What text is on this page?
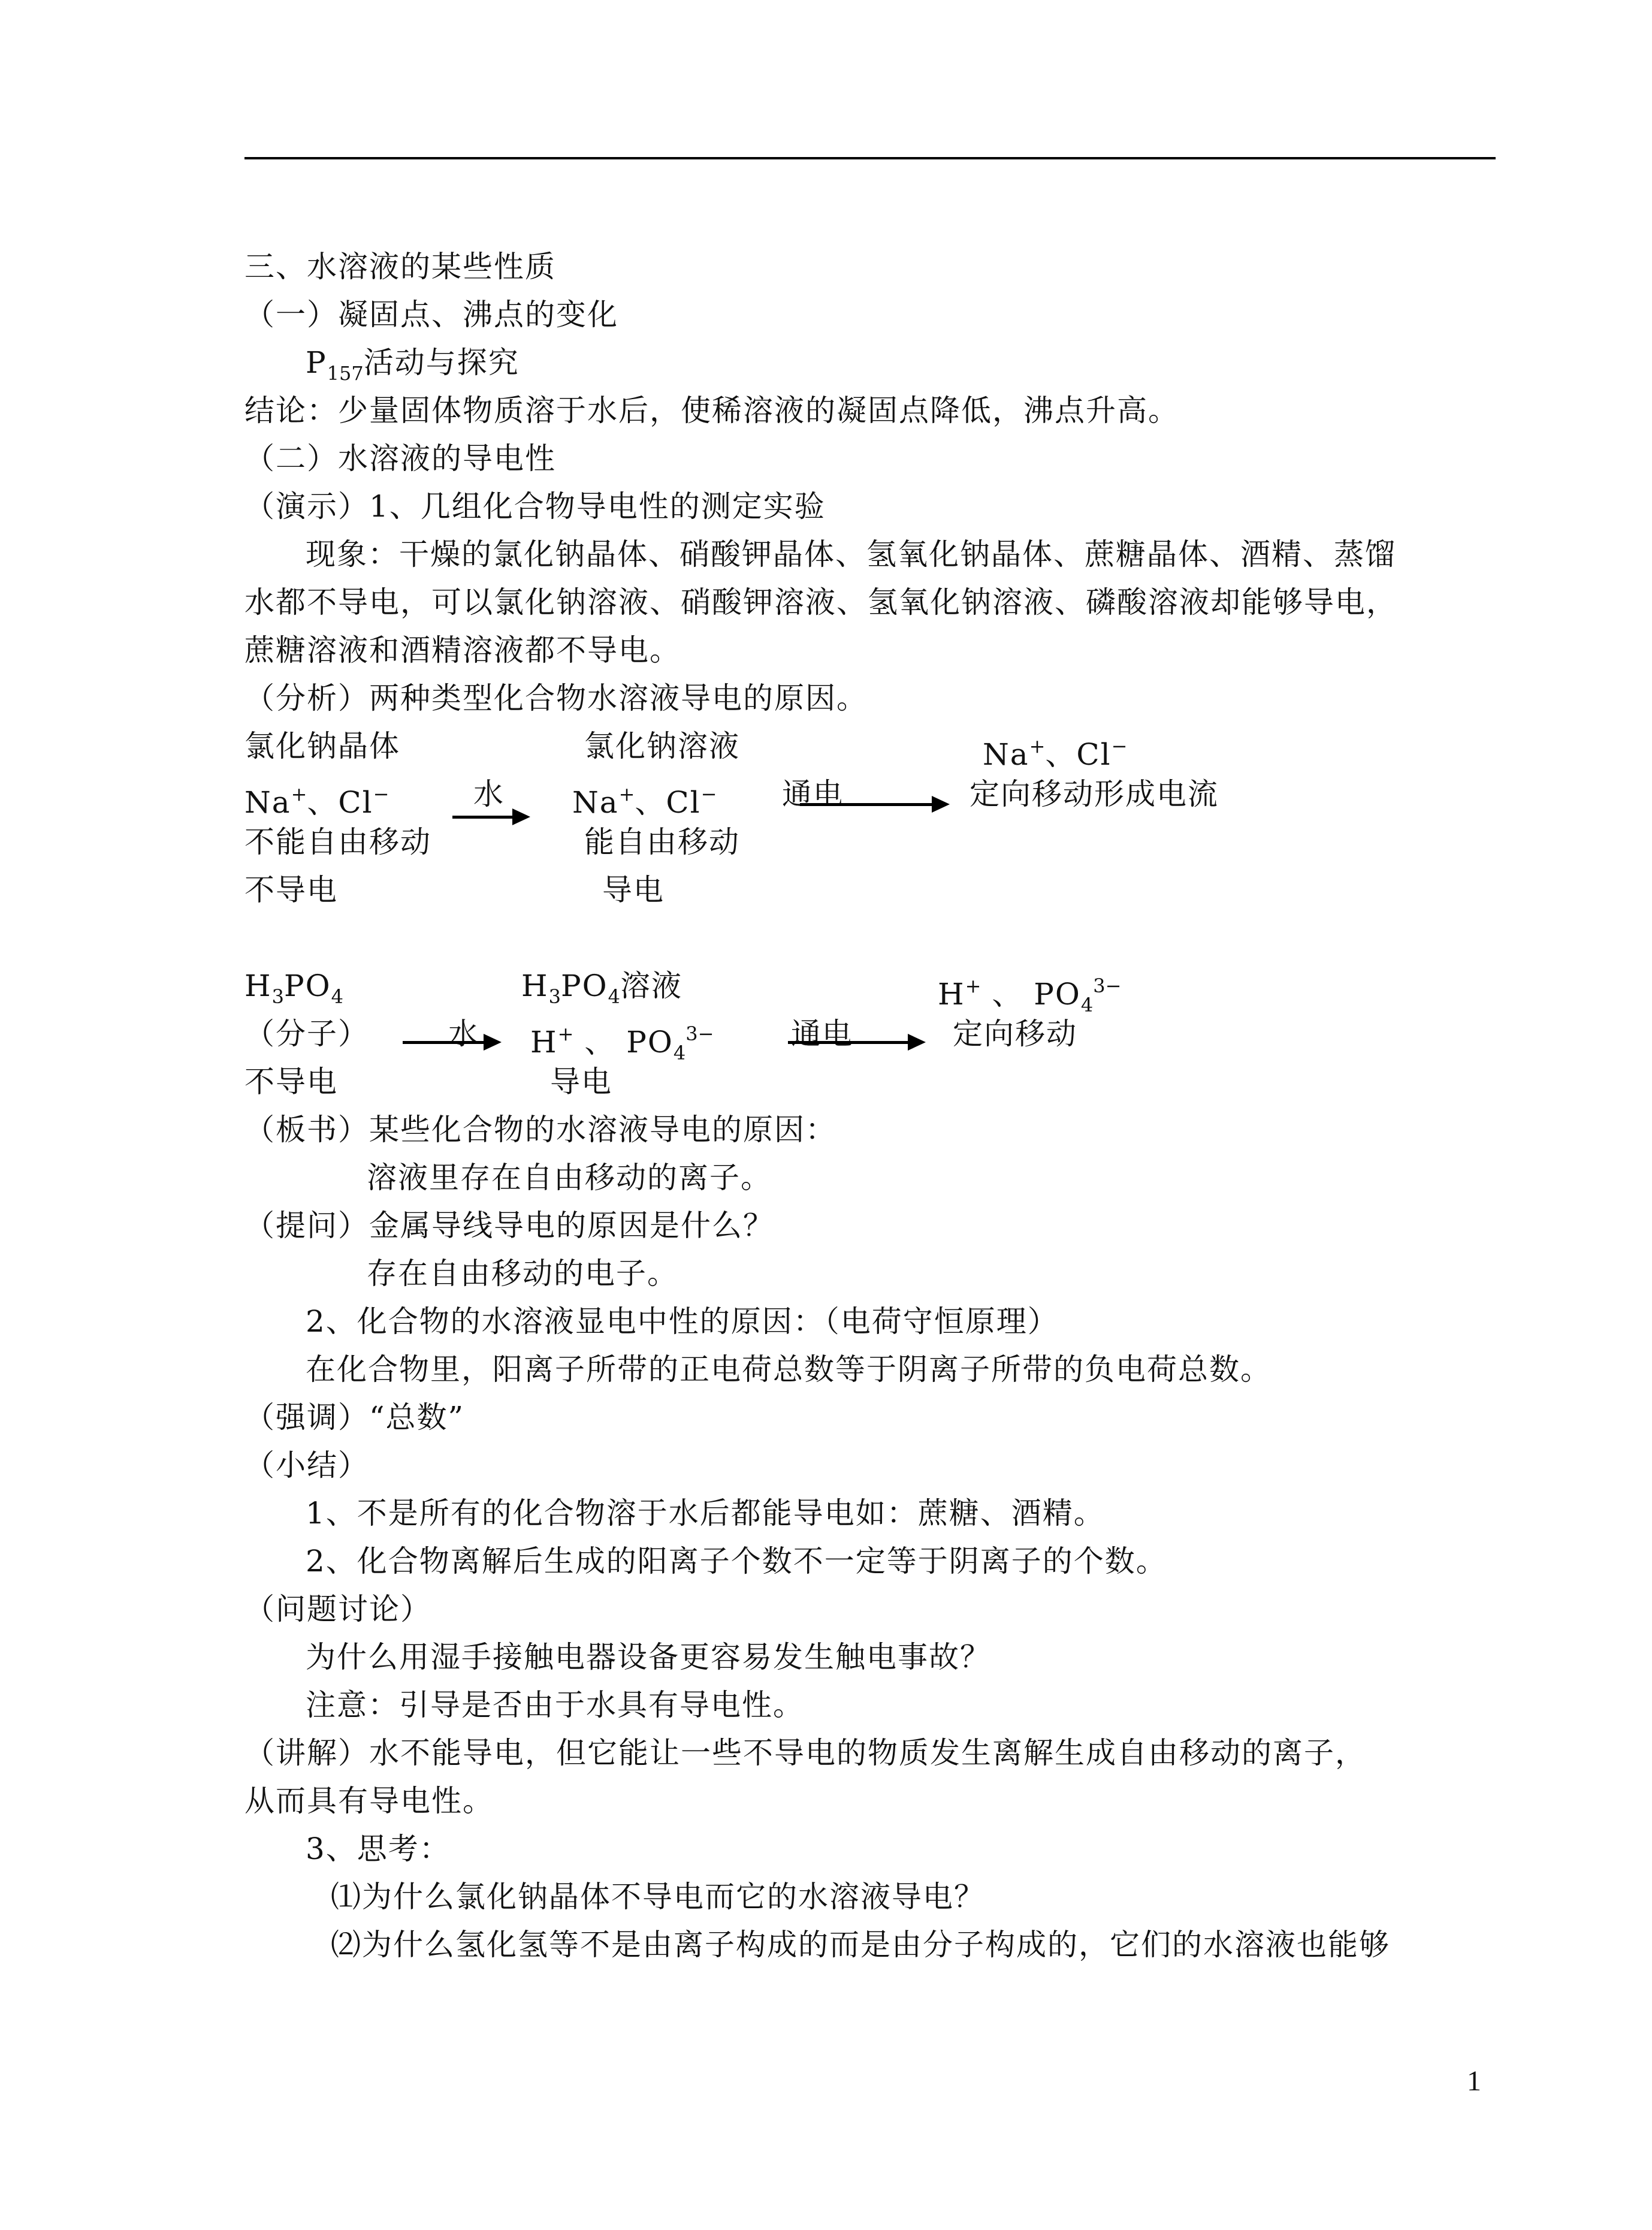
三、水溶液的某些性质
（一）凝固点、沸点的变化
$P_{157}$活动与探究
结论：少量固体物质溶于水后，使稀溶液的凝固点降低，沸点升高。
（二）水溶液的导电性
（演示）1、几组化合物导电性的测定实验
现象：干燥的氯化钠晶体、硝酸钾晶体、氢氧化钠晶体、蔗糖晶体、酒精、蒸馏
水都不导电，可以氯化钠溶液、硝酸钾溶液、氢氧化钠溶液、磷酸溶液却能够导电，
蔗糖溶液和酒精溶液都不导电。
（分析）两种类型化合物水溶液导电的原因。
氯化钠晶体	氯化钠溶液	Na+、Cl−
Na+、Cl−	水 Na+、Cl− 通电	定向移动形成电流
不能自由移动	能自由移动
不导电	导电
$H_3PO_4$	$H_3PO_4$溶液	H+ 、 $PO_4^{3-}$
（分子）	水 H+ 、 $PO_4^{3-}$	通电	定向移动
不导电	导电
（板书）某些化合物的水溶液导电的原因：
溶液里存在自由移动的离子。
（提问）金属导线导电的原因是什么？
存在自由移动的电子。
2、化合物的水溶液显电中性的原因：（电荷守恒原理）
在化合物里，阳离子所带的正电荷总数等于阴离子所带的负电荷总数。
（强调）“总数”
（小结）
1、不是所有的化合物溶于水后都能导电如：蔗糖、酒精。
2、化合物离解后生成的阳离子个数不一定等于阴离子的个数。
（问题讨论）
为什么用湿手接触电器设备更容易发生触电事故？
注意：引导是否由于水具有导电性。
（讲解）水不能导电，但它能让一些不导电的物质发生离解生成自由移动的离子，
从而具有导电性。
3、思考：
⑴为什么氯化钠晶体不导电而它的水溶液导电？
⑵为什么氢化氢等不是由离子构成的而是由分子构成的，它们的水溶液也能够
1
